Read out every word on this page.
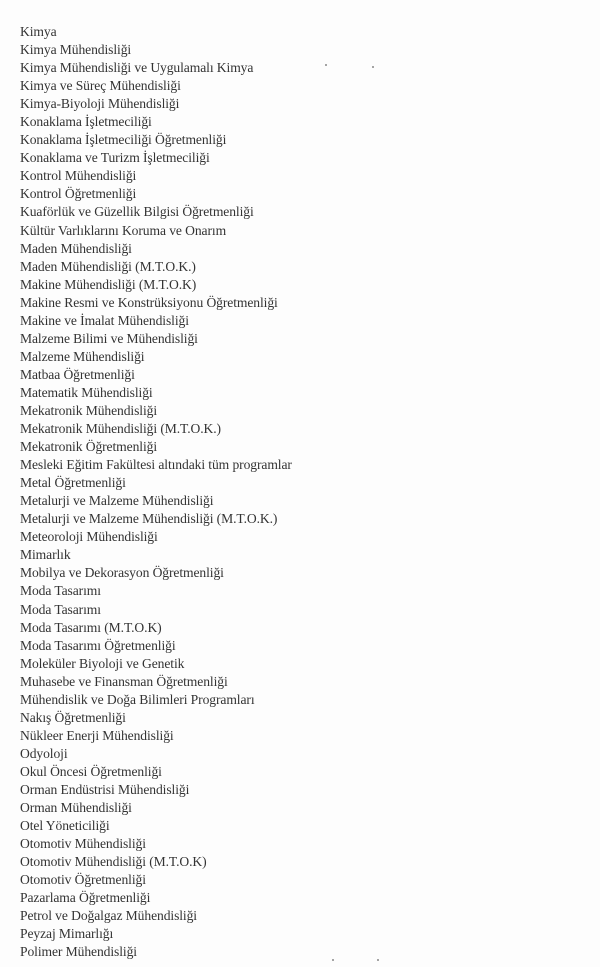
Kimya
Kimya Mühendisliği
Kimya Mühendisliği ve Uygulamalı Kimya
Kimya ve Süreç Mühendisliği
Kimya-Biyoloji Mühendisliği
Konaklama İşletmeciliği
Konaklama İşletmeciliği Öğretmenliği
Konaklama ve Turizm İşletmeciliği
Kontrol Mühendisliği
Kontrol Öğretmenliği
Kuaförlük ve Güzellik Bilgisi Öğretmenliği
Kültür Varlıklarını Koruma ve Onarım
Maden Mühendisliği
Maden Mühendisliği (M.T.O.K.)
Makine Mühendisliği (M.T.O.K)
Makine Resmi ve Konstrüksiyonu Öğretmenliği
Makine ve İmalat Mühendisliği
Malzeme Bilimi ve Mühendisliği
Malzeme Mühendisliği
Matbaa Öğretmenliği
Matematik Mühendisliği
Mekatronik Mühendisliği
Mekatronik Mühendisliği (M.T.O.K.)
Mekatronik Öğretmenliği
Mesleki Eğitim Fakültesi altındaki tüm programlar
Metal Öğretmenliği
Metalurji ve Malzeme Mühendisliği
Metalurji ve Malzeme Mühendisliği (M.T.O.K.)
Meteoroloji Mühendisliği
Mimarlık
Mobilya ve Dekorasyon Öğretmenliği
Moda Tasarımı
Moda Tasarımı
Moda Tasarımı (M.T.O.K)
Moda Tasarımı Öğretmenliği
Moleküler Biyoloji ve Genetik
Muhasebe ve Finansman Öğretmenliği
Mühendislik ve Doğa Bilimleri Programları
Nakış Öğretmenliği
Nükleer Enerji Mühendisliği
Odyoloji
Okul Öncesi Öğretmenliği
Orman Endüstrisi Mühendisliği
Orman Mühendisliği
Otel Yöneticiliği
Otomotiv Mühendisliği
Otomotiv Mühendisliği (M.T.O.K)
Otomotiv Öğretmenliği
Pazarlama Öğretmenliği
Petrol ve Doğalgaz Mühendisliği
Peyzaj Mimarlığı
Polimer Mühendisliği
